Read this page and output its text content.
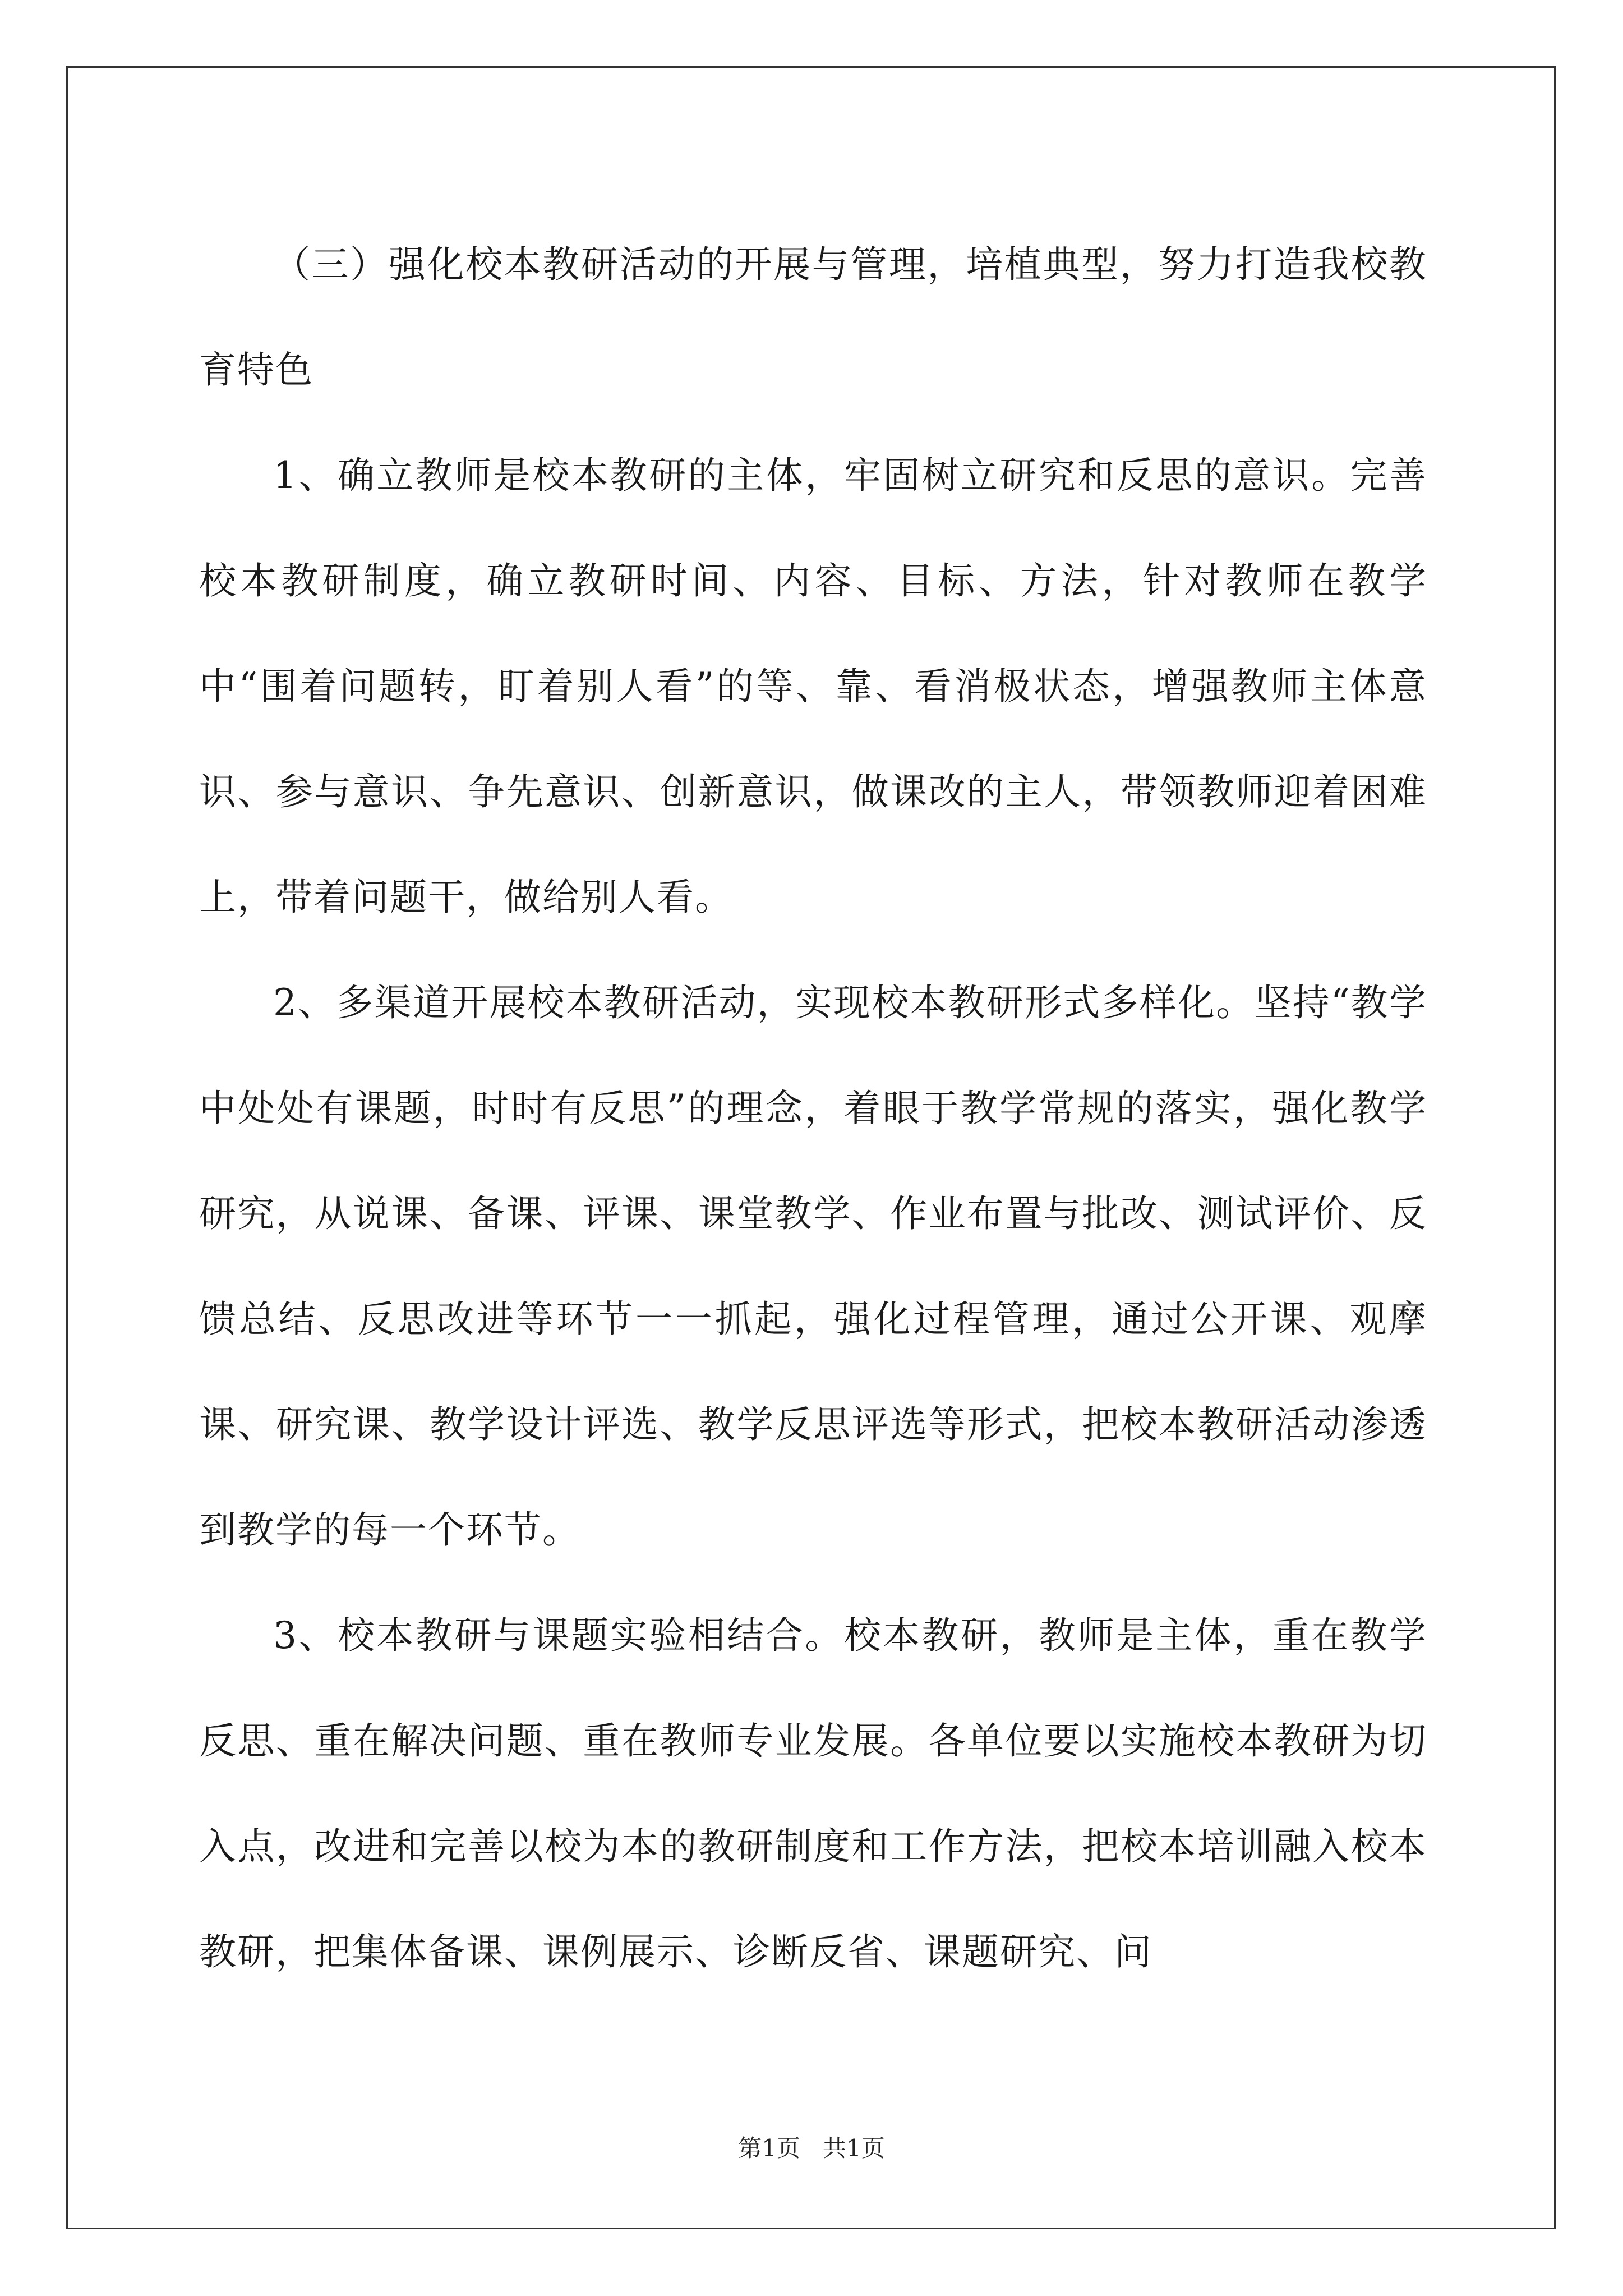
（三）强化校本教研活动的开展与管理，培植典型，努力打造我校教育特色

1、确立教师是校本教研的主体，牢固树立研究和反思的意识。完善校本教研制度，确立教研时间、内容、目标、方法，针对教师在教学中“围着问题转，盯着别人看”的等、靠、看消极状态，增强教师主体意识、参与意识、争先意识、创新意识，做课改的主人，带领教师迎着困难上，带着问题干，做给别人看。

2、多渠道开展校本教研活动，实现校本教研形式多样化。坚持“教学中处处有课题，时时有反思”的理念，着眼于教学常规的落实，强化教学研究，从说课、备课、评课、课堂教学、作业布置与批改、测试评价、反馈总结、反思改进等环节一一抓起，强化过程管理，通过公开课、观摩课、研究课、教学设计评选、教学反思评选等形式，把校本教研活动渗透到教学的每一个环节。

3、校本教研与课题实验相结合。校本教研，教师是主体，重在教学反思、重在解决问题、重在教师专业发展。各单位要以实施校本教研为切入点，改进和完善以校为本的教研制度和工作方法，把校本培训融入校本教研，把集体备课、课例展示、诊断反省、课题研究、问

第1页 共1页
